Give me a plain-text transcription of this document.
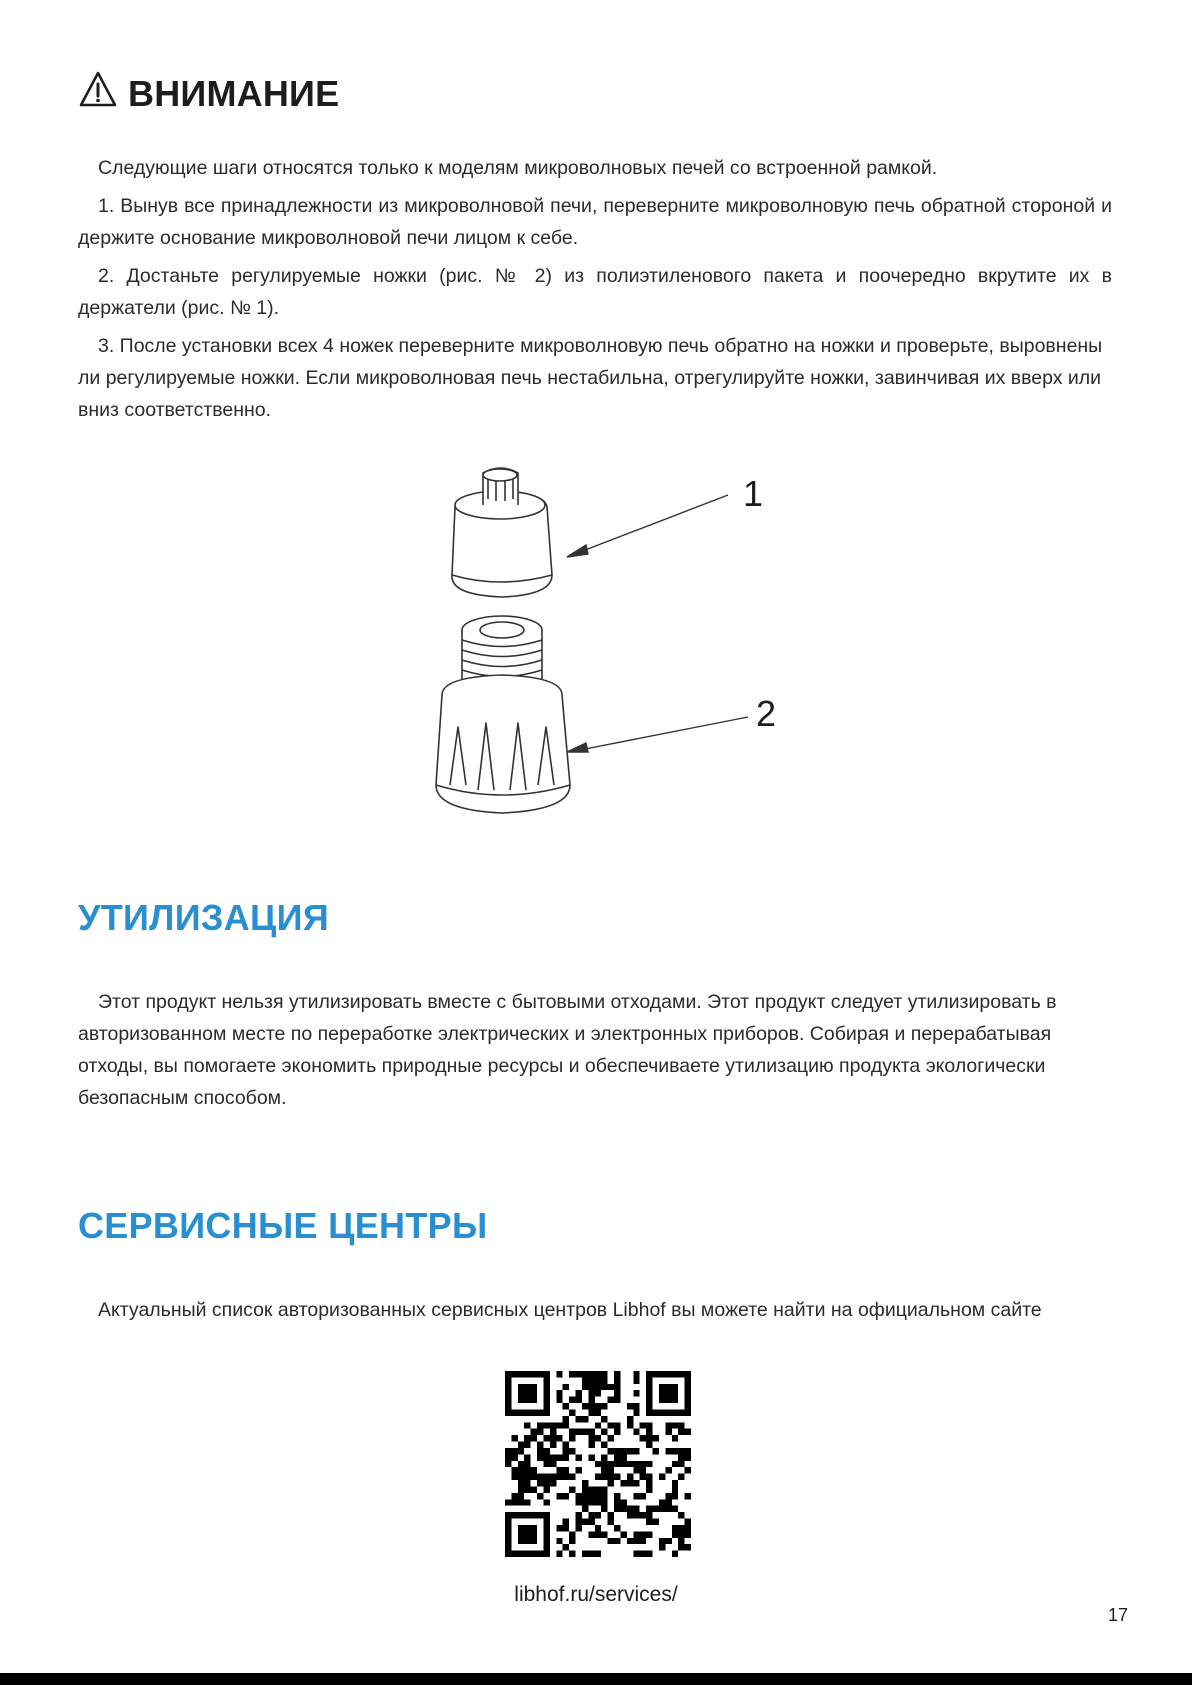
ВНИМАНИЕ

Следующие шаги относятся только к моделям микроволновых печей со встроенной рамкой.

1. Вынув все принадлежности из микроволновой печи, переверните микроволновую печь обратной стороной и держите основание микроволновой печи лицом к себе.

2. Достаньте регулируемые ножки (рис. № 2) из полиэтиленового пакета и поочередно вкрутите их в держатели (рис. № 1).

3. После установки всех 4 ножек переверните микроволновую печь обратно на ножки и проверьте, выровнены ли регулируемые ножки. Если микроволновая печь нестабильна, отрегулируйте ножки, завинчивая их вверх или вниз соответственно.

1
2
УТИЛИЗАЦИЯ

Этот продукт нельзя утилизировать вместе с бытовыми отходами. Этот продукт следует утилизировать в авторизованном месте по переработке электрических и электронных приборов. Собирая и перерабатывая отходы, вы помогаете экономить природные ресурсы и обеспечиваете утилизацию продукта экологически безопасным способом.

СЕРВИСНЫЕ ЦЕНТРЫ

Актуальный список авторизованных сервисных центров Libhof вы можете найти на официальном сайте

libhof.ru/services/
17
